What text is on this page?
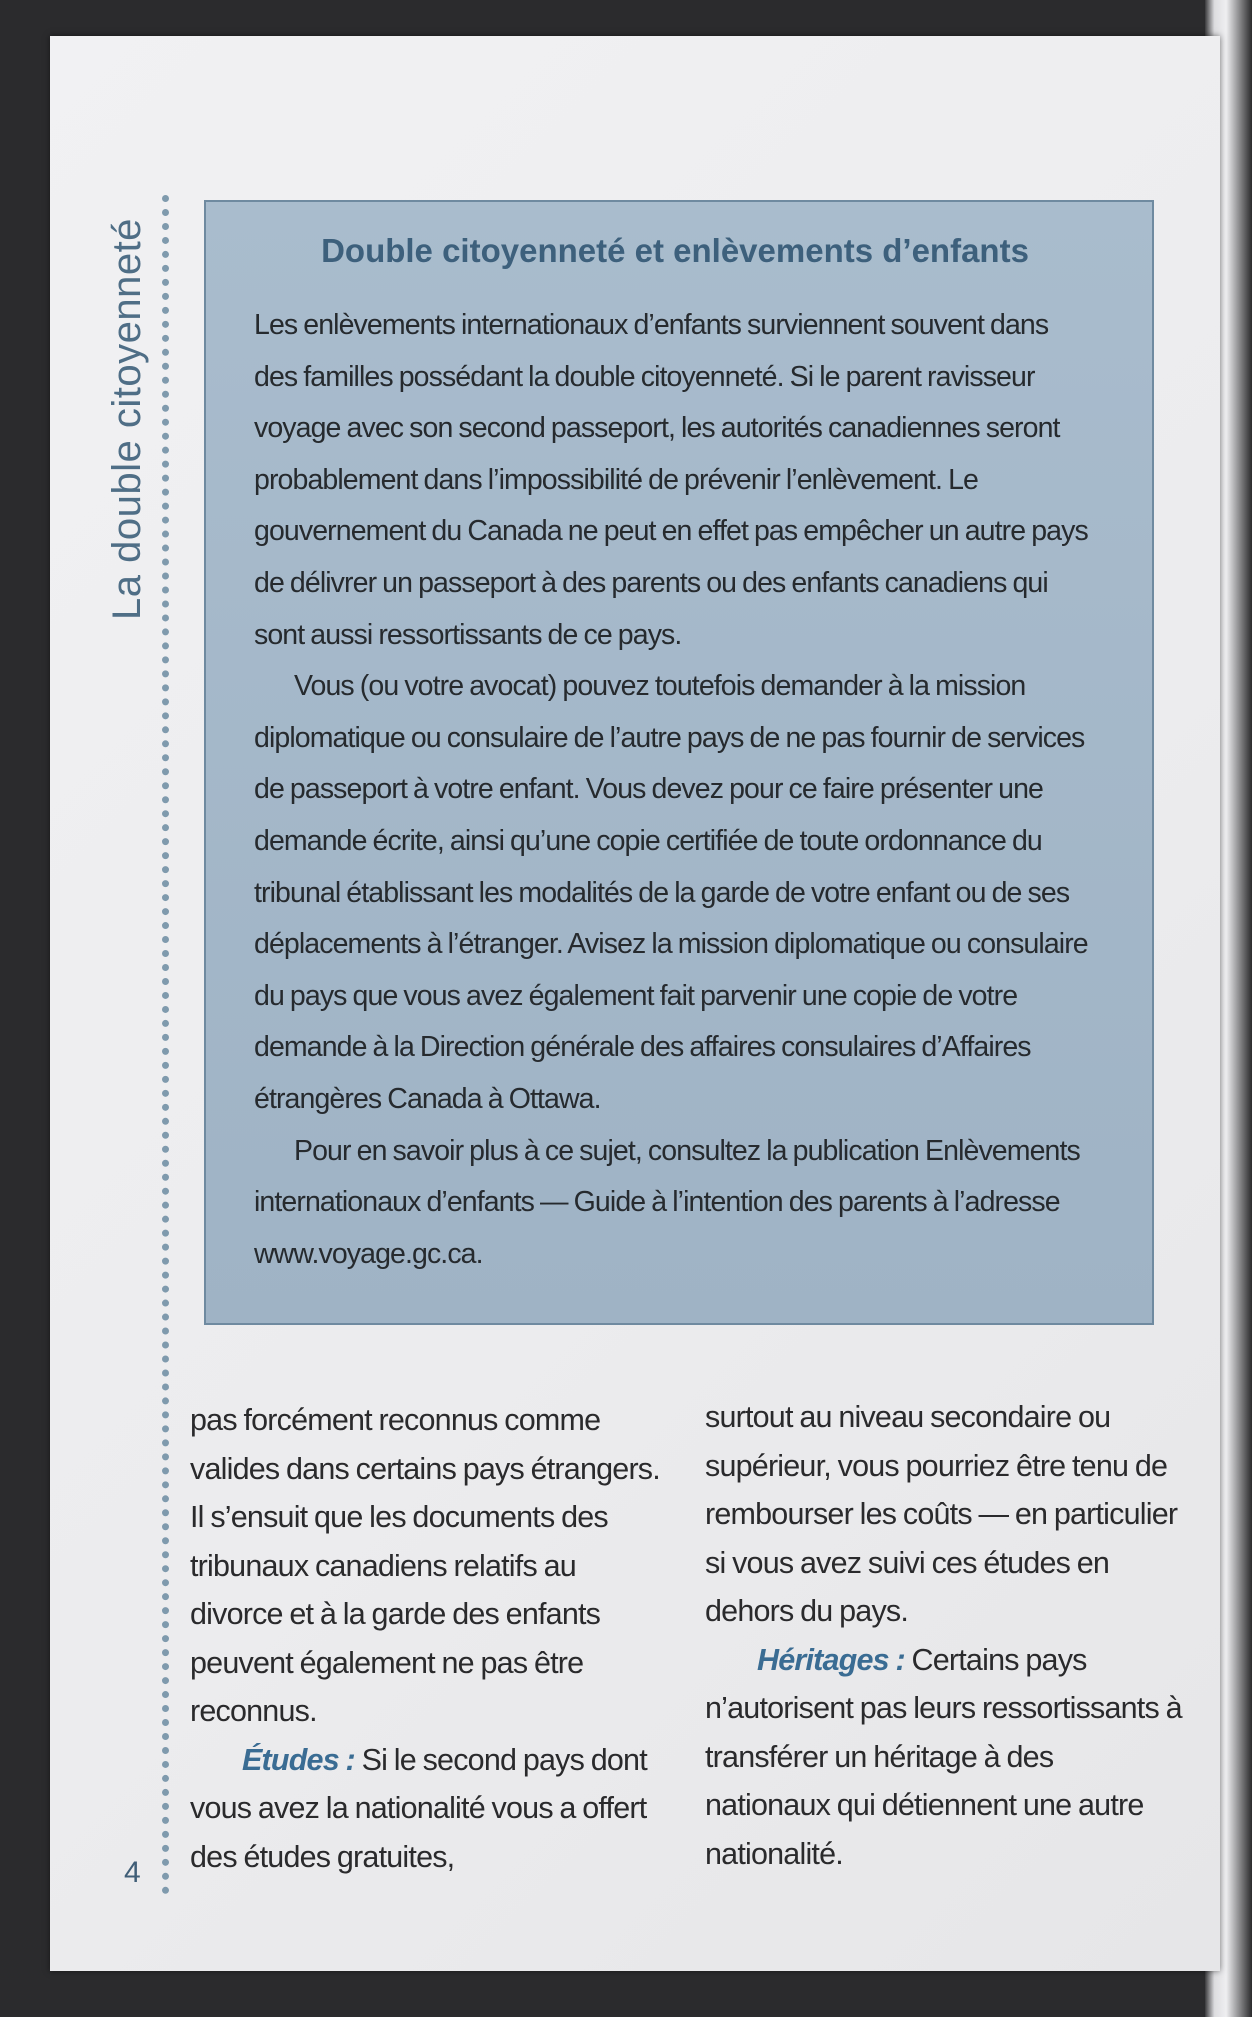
La double citoyenneté
4
Double citoyenneté et enlèvements d’enfants

Les enlèvements internationaux d’enfants surviennent souvent dans des familles possédant la double citoyenneté. Si le parent ravisseur voyage avec son second passeport, les autorités canadiennes seront probablement dans l’impossibilité de prévenir l’enlèvement. Le gouvernement du Canada ne peut en effet pas empêcher un autre pays de délivrer un passeport à des parents ou des enfants canadiens qui sont aussi ressortissants de ce pays.

Vous (ou votre avocat) pouvez toutefois demander à la mission diplomatique ou consulaire de l’autre pays de ne pas fournir de services de passeport à votre enfant. Vous devez pour ce faire présenter une demande écrite, ainsi qu’une copie certifiée de toute ordonnance du tribunal établissant les modalités de la garde de votre enfant ou de ses déplacements à l’étranger. Avisez la mission diplomatique ou consulaire du pays que vous avez également fait parvenir une copie de votre demande à la Direction générale des affaires consulaires d’Affaires étrangères Canada à Ottawa.

Pour en savoir plus à ce sujet, consultez la publication Enlèvements internationaux d’enfants — Guide à l’intention des parents à l’adresse www.voyage.gc.ca.

pas forcément reconnus comme valides dans certains pays étrangers. Il s’ensuit que les documents des tribunaux canadiens relatifs au divorce et à la garde des enfants peuvent également ne pas être reconnus.

Études : Si le second pays dont vous avez la nationalité vous a offert des études gratuites,

surtout au niveau secondaire ou supérieur, vous pourriez être tenu de rembourser les coûts — en particulier si vous avez suivi ces études en dehors du pays.

Héritages : Certains pays n’autorisent pas leurs ressortissants à transférer un héritage à des nationaux qui détiennent une autre nationalité.
